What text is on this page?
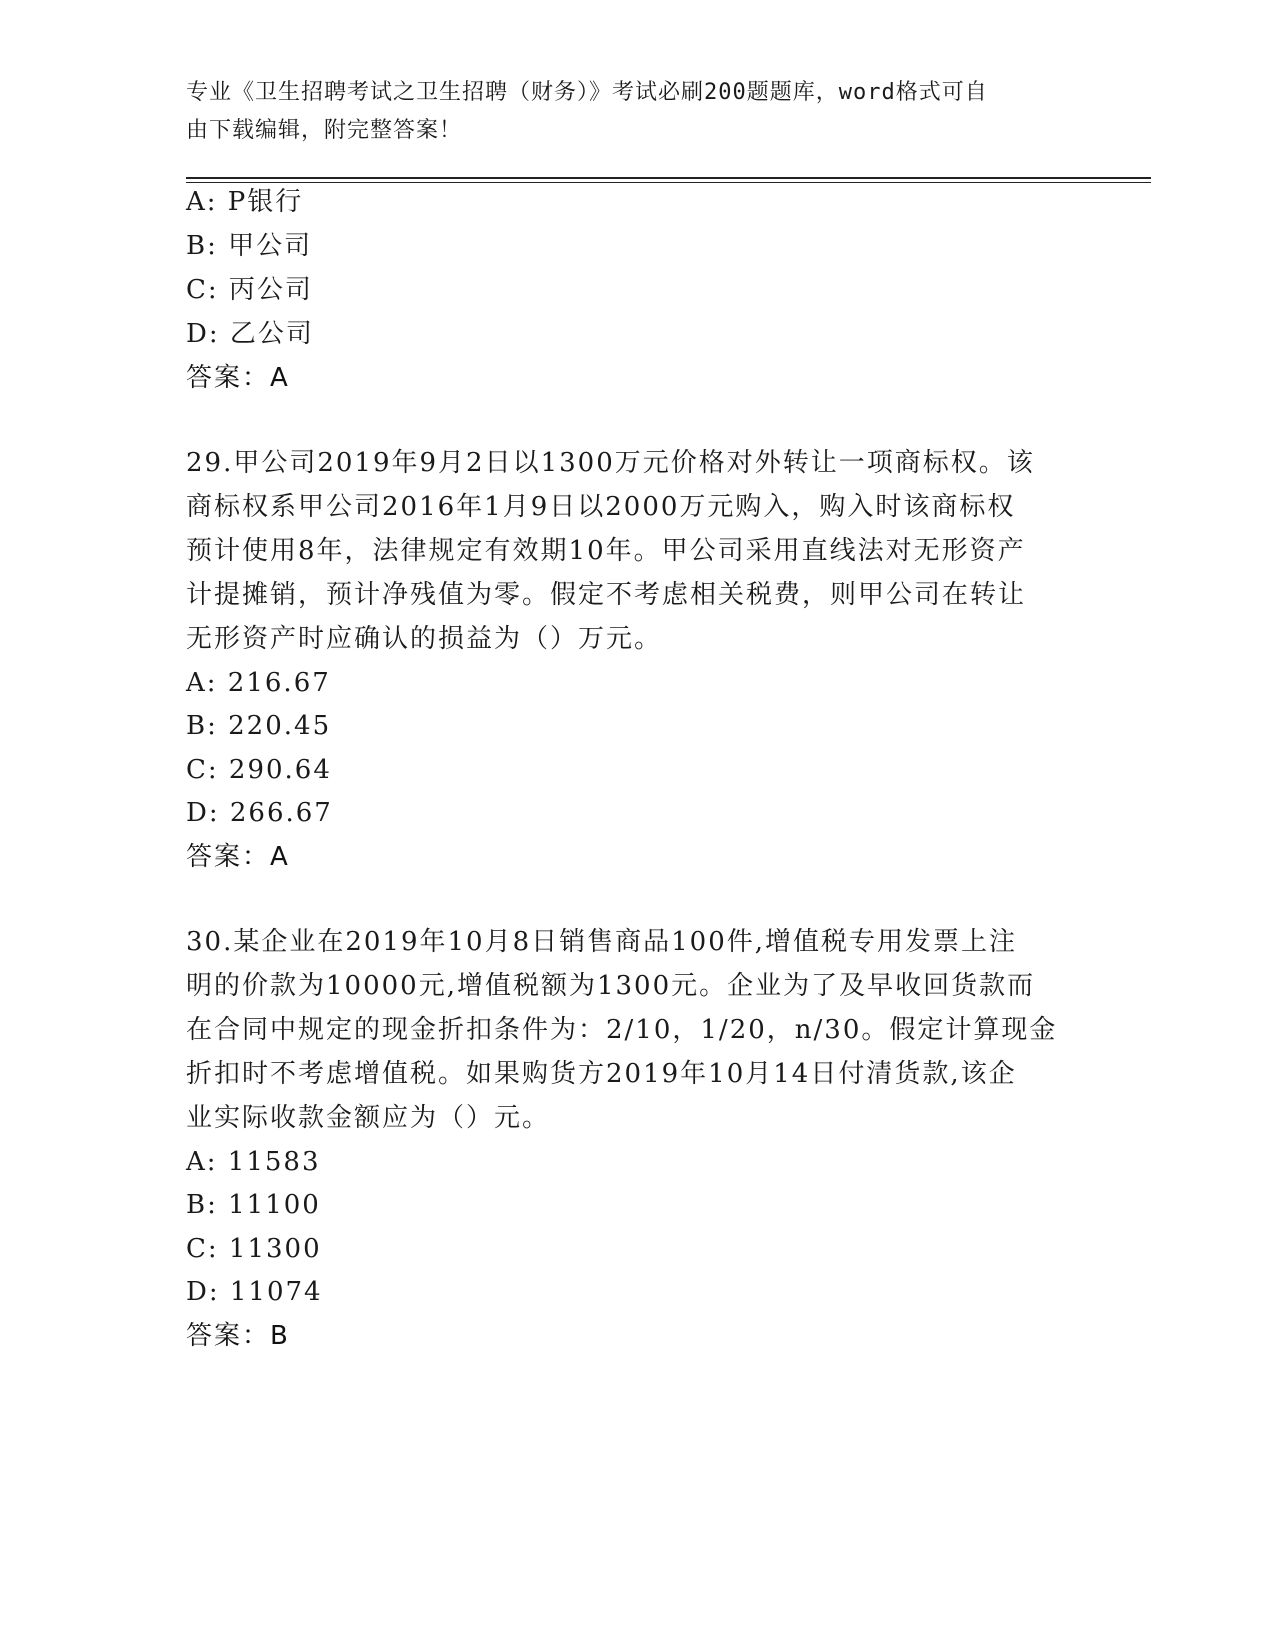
专业《卫生招聘考试之卫生招聘（财务）》考试必刷200题题库，word格式可自
由下载编辑，附完整答案！
A: P银行
B: 甲公司
C: 丙公司
D: 乙公司
答案：A
29.甲公司2019年9月2日以1300万元价格对外转让一项商标权。该
商标权系甲公司2016年1月9日以2000万元购入，购入时该商标权
预计使用8年，法律规定有效期10年。甲公司采用直线法对无形资产
计提摊销，预计净残值为零。假定不考虑相关税费，则甲公司在转让
无形资产时应确认的损益为（）万元。
A: 216.67
B: 220.45
C: 290.64
D: 266.67
答案：A
30.某企业在2019年10月8日销售商品100件,增值税专用发票上注
明的价款为10000元,增值税额为1300元。企业为了及早收回货款而
在合同中规定的现金折扣条件为：2/10，1/20，n/30。假定计算现金
折扣时不考虑增值税。如果购货方2019年10月14日付清货款,该企
业实际收款金额应为（）元。
A: 11583
B: 11100
C: 11300
D: 11074
答案：B
